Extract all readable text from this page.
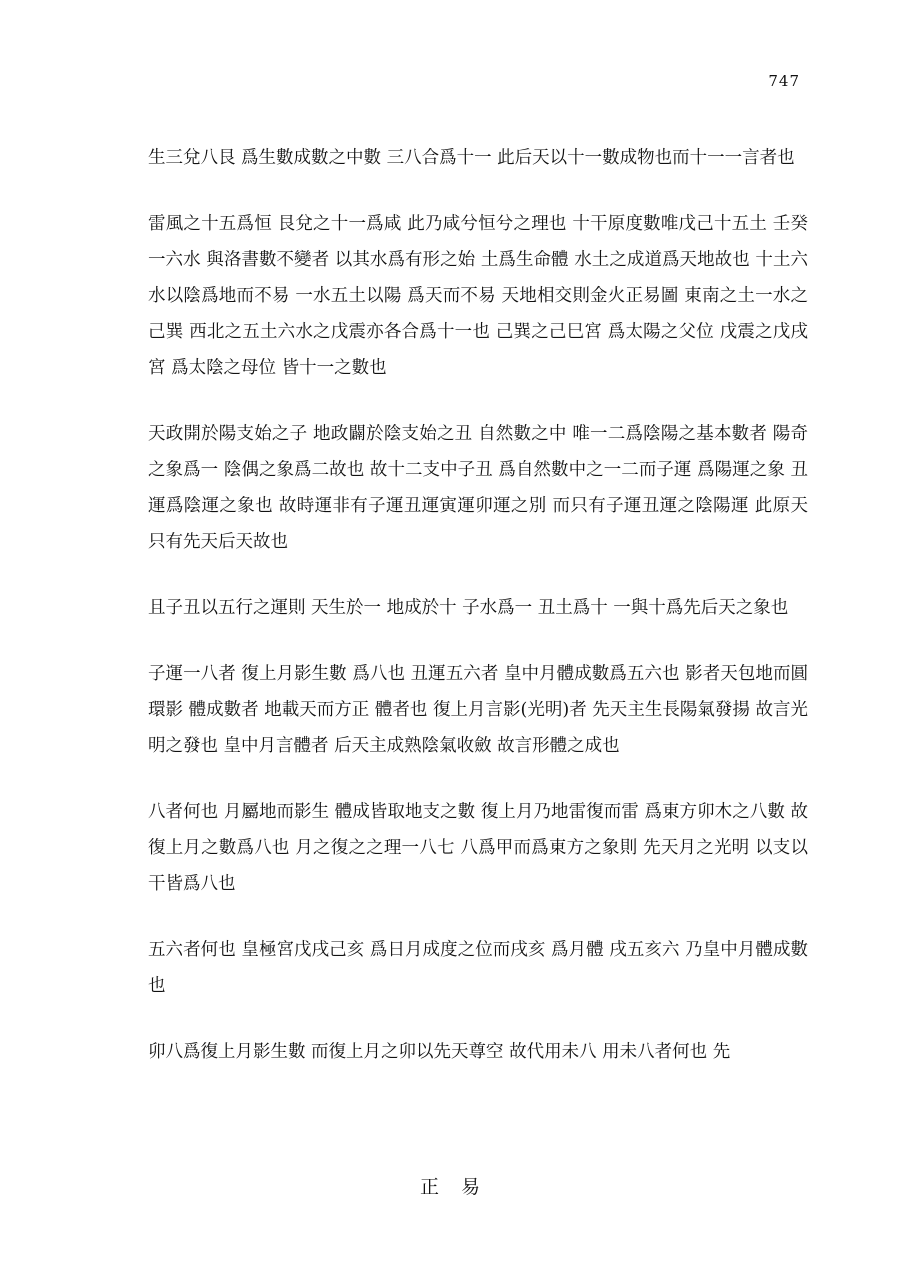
747

生三兌八艮 爲生數成數之中數 三八合爲十一 此后天以十一數成物也而十一一言者也

雷風之十五爲恒 艮兌之十一爲咸 此乃咸兮恒兮之理也 十干原度數唯戊己十五土 壬癸一六水 與洛書數不變者 以其水爲有形之始 土爲生命體 水土之成道爲天地故也 十土六水以陰爲地而不易 一水五土以陽 爲天而不易 天地相交則金火正易圖 東南之土一水之己巽 西北之五土六水之戊震亦各合爲十一也 己巽之己巳宮 爲太陽之父位 戊震之戊戌宮 爲太陰之母位 皆十一之數也

天政開於陽支始之子 地政闢於陰支始之丑 自然數之中 唯一二爲陰陽之基本數者 陽奇之象爲一 陰偶之象爲二故也 故十二支中子丑 爲自然數中之一二而子運 爲陽運之象 丑運爲陰運之象也 故時運非有子運丑運寅運卯運之別 而只有子運丑運之陰陽運 此原天只有先天后天故也

且子丑以五行之運則 天生於一 地成於十 子水爲一 丑土爲十 一與十爲先后天之象也

子運一八者 復上月影生數 爲八也 丑運五六者 皇中月體成數爲五六也 影者天包地而圓環影 體成數者 地載天而方正 體者也 復上月言影(光明)者 先天主生長陽氣發揚 故言光明之發也 皇中月言體者 后天主成熟陰氣收斂 故言形體之成也

八者何也 月屬地而影生 體成皆取地支之數 復上月乃地雷復而雷 爲東方卯木之八數 故復上月之數爲八也 月之復之之理一八七 八爲甲而爲東方之象則 先天月之光明 以支以干皆爲八也

五六者何也 皇極宮戊戌己亥 爲日月成度之位而戌亥 爲月體 戌五亥六 乃皇中月體成數也

卯八爲復上月影生數 而復上月之卯以先天尊空 故代用未八 用未八者何也 先

正易
